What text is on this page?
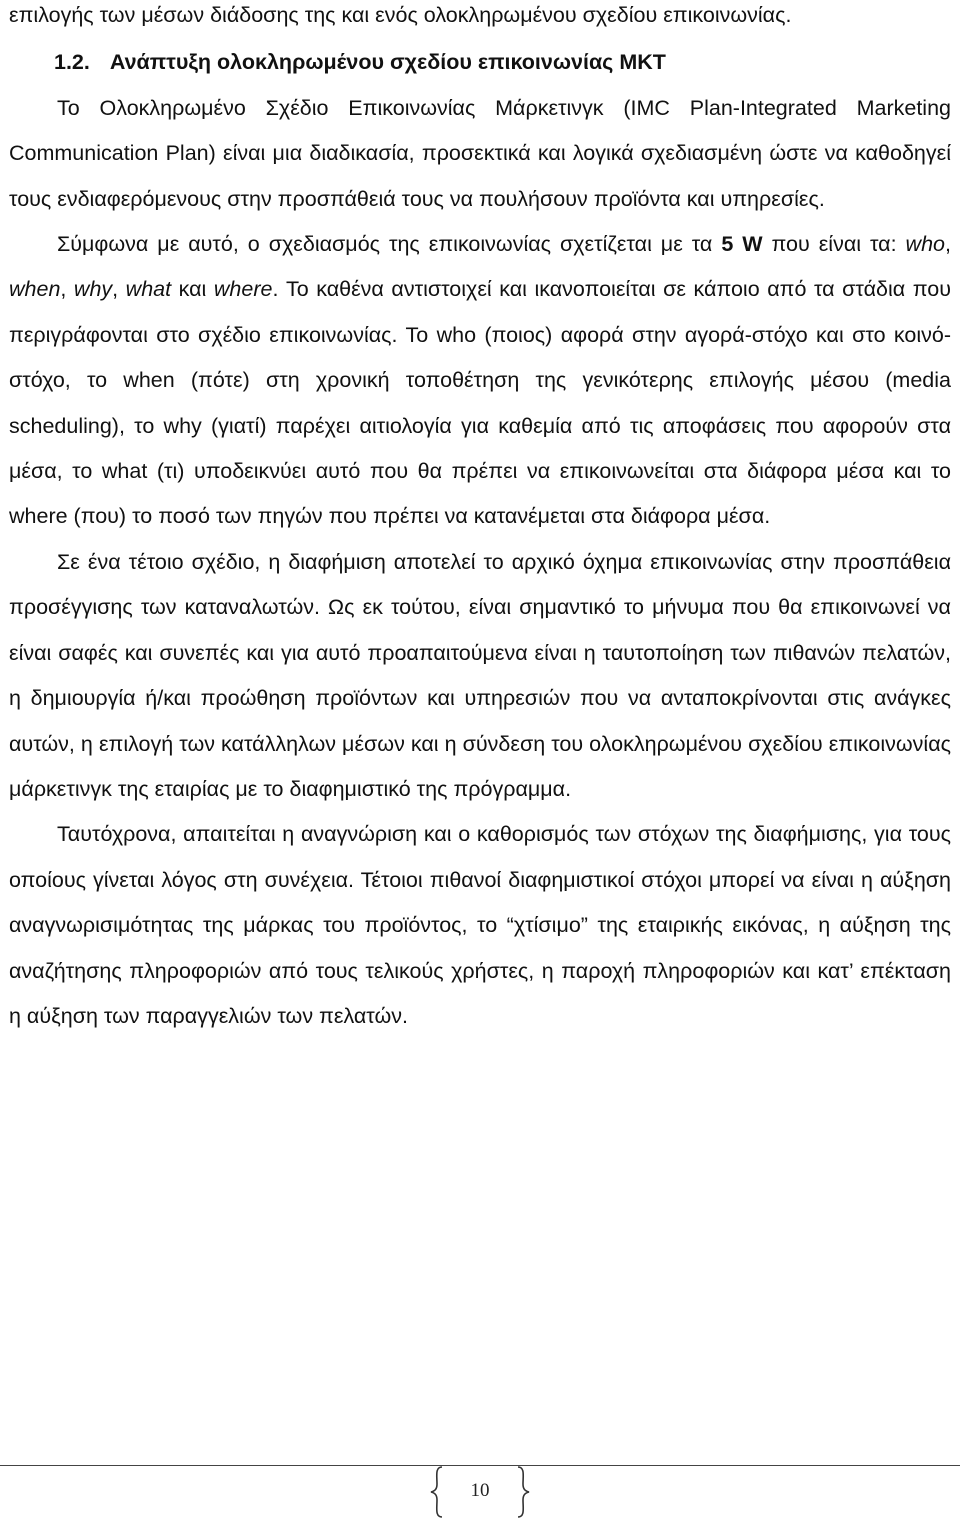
επιλογής των μέσων διάδοσης της και ενός ολοκληρωμένου σχεδίου επικοινωνίας.

1.2. Ανάπτυξη ολοκληρωμένου σχεδίου επικοινωνίας MKT

Το Ολοκληρωμένο Σχέδιο Επικοινωνίας Μάρκετινγκ (IMC Plan-Integrated Marketing Communication Plan) είναι μια διαδικασία, προσεκτικά και λογικά σχεδιασμένη ώστε να καθοδηγεί τους ενδιαφερόμενους στην προσπάθειά τους να πουλήσουν προϊόντα και υπηρεσίες.

Σύμφωνα με αυτό, ο σχεδιασμός της επικοινωνίας σχετίζεται με τα 5 W που είναι τα: who, when, why, what και where. Το καθένα αντιστοιχεί και ικανοποιείται σε κάποιο από τα στάδια που περιγράφονται στο σχέδιο επικοινωνίας. Το who (ποιος) αφορά στην αγορά-στόχο και στο κοινό-στόχο, το when (πότε) στη χρονική τοποθέτηση της γενικότερης επιλογής μέσου (media scheduling), το why (γιατί) παρέχει αιτιολογία για καθεμία από τις αποφάσεις που αφορούν στα μέσα, το what (τι) υποδεικνύει αυτό που θα πρέπει να επικοινωνείται στα διάφορα μέσα και το where (που) το ποσό των πηγών που πρέπει να κατανέμεται στα διάφορα μέσα.

Σε ένα τέτοιο σχέδιο, η διαφήμιση αποτελεί το αρχικό όχημα επικοινωνίας στην προσπάθεια προσέγγισης των καταναλωτών. Ως εκ τούτου, είναι σημαντικό το μήνυμα που θα επικοινωνεί να είναι σαφές και συνεπές και για αυτό προαπαιτούμενα είναι η ταυτοποίηση των πιθανών πελατών, η δημιουργία ή/και προώθηση προϊόντων και υπηρεσιών που να ανταποκρίνονται στις ανάγκες αυτών, η επιλογή των κατάλληλων μέσων και η σύνδεση του ολοκληρωμένου σχεδίου επικοινωνίας μάρκετινγκ της εταιρίας με το διαφημιστικό της πρόγραμμα.

Ταυτόχρονα, απαιτείται η αναγνώριση και ο καθορισμός των στόχων της διαφήμισης, για τους οποίους γίνεται λόγος στη συνέχεια. Τέτοιοι πιθανοί διαφημιστικοί στόχοι μπορεί να είναι η αύξηση αναγνωρισιμότητας της μάρκας του προϊόντος, το “χτίσιμο” της εταιρικής εικόνας, η αύξηση της αναζήτησης πληροφοριών από τους τελικούς χρήστες, η παροχή πληροφοριών και κατ’ επέκταση η αύξηση των παραγγελιών των πελατών.

10
